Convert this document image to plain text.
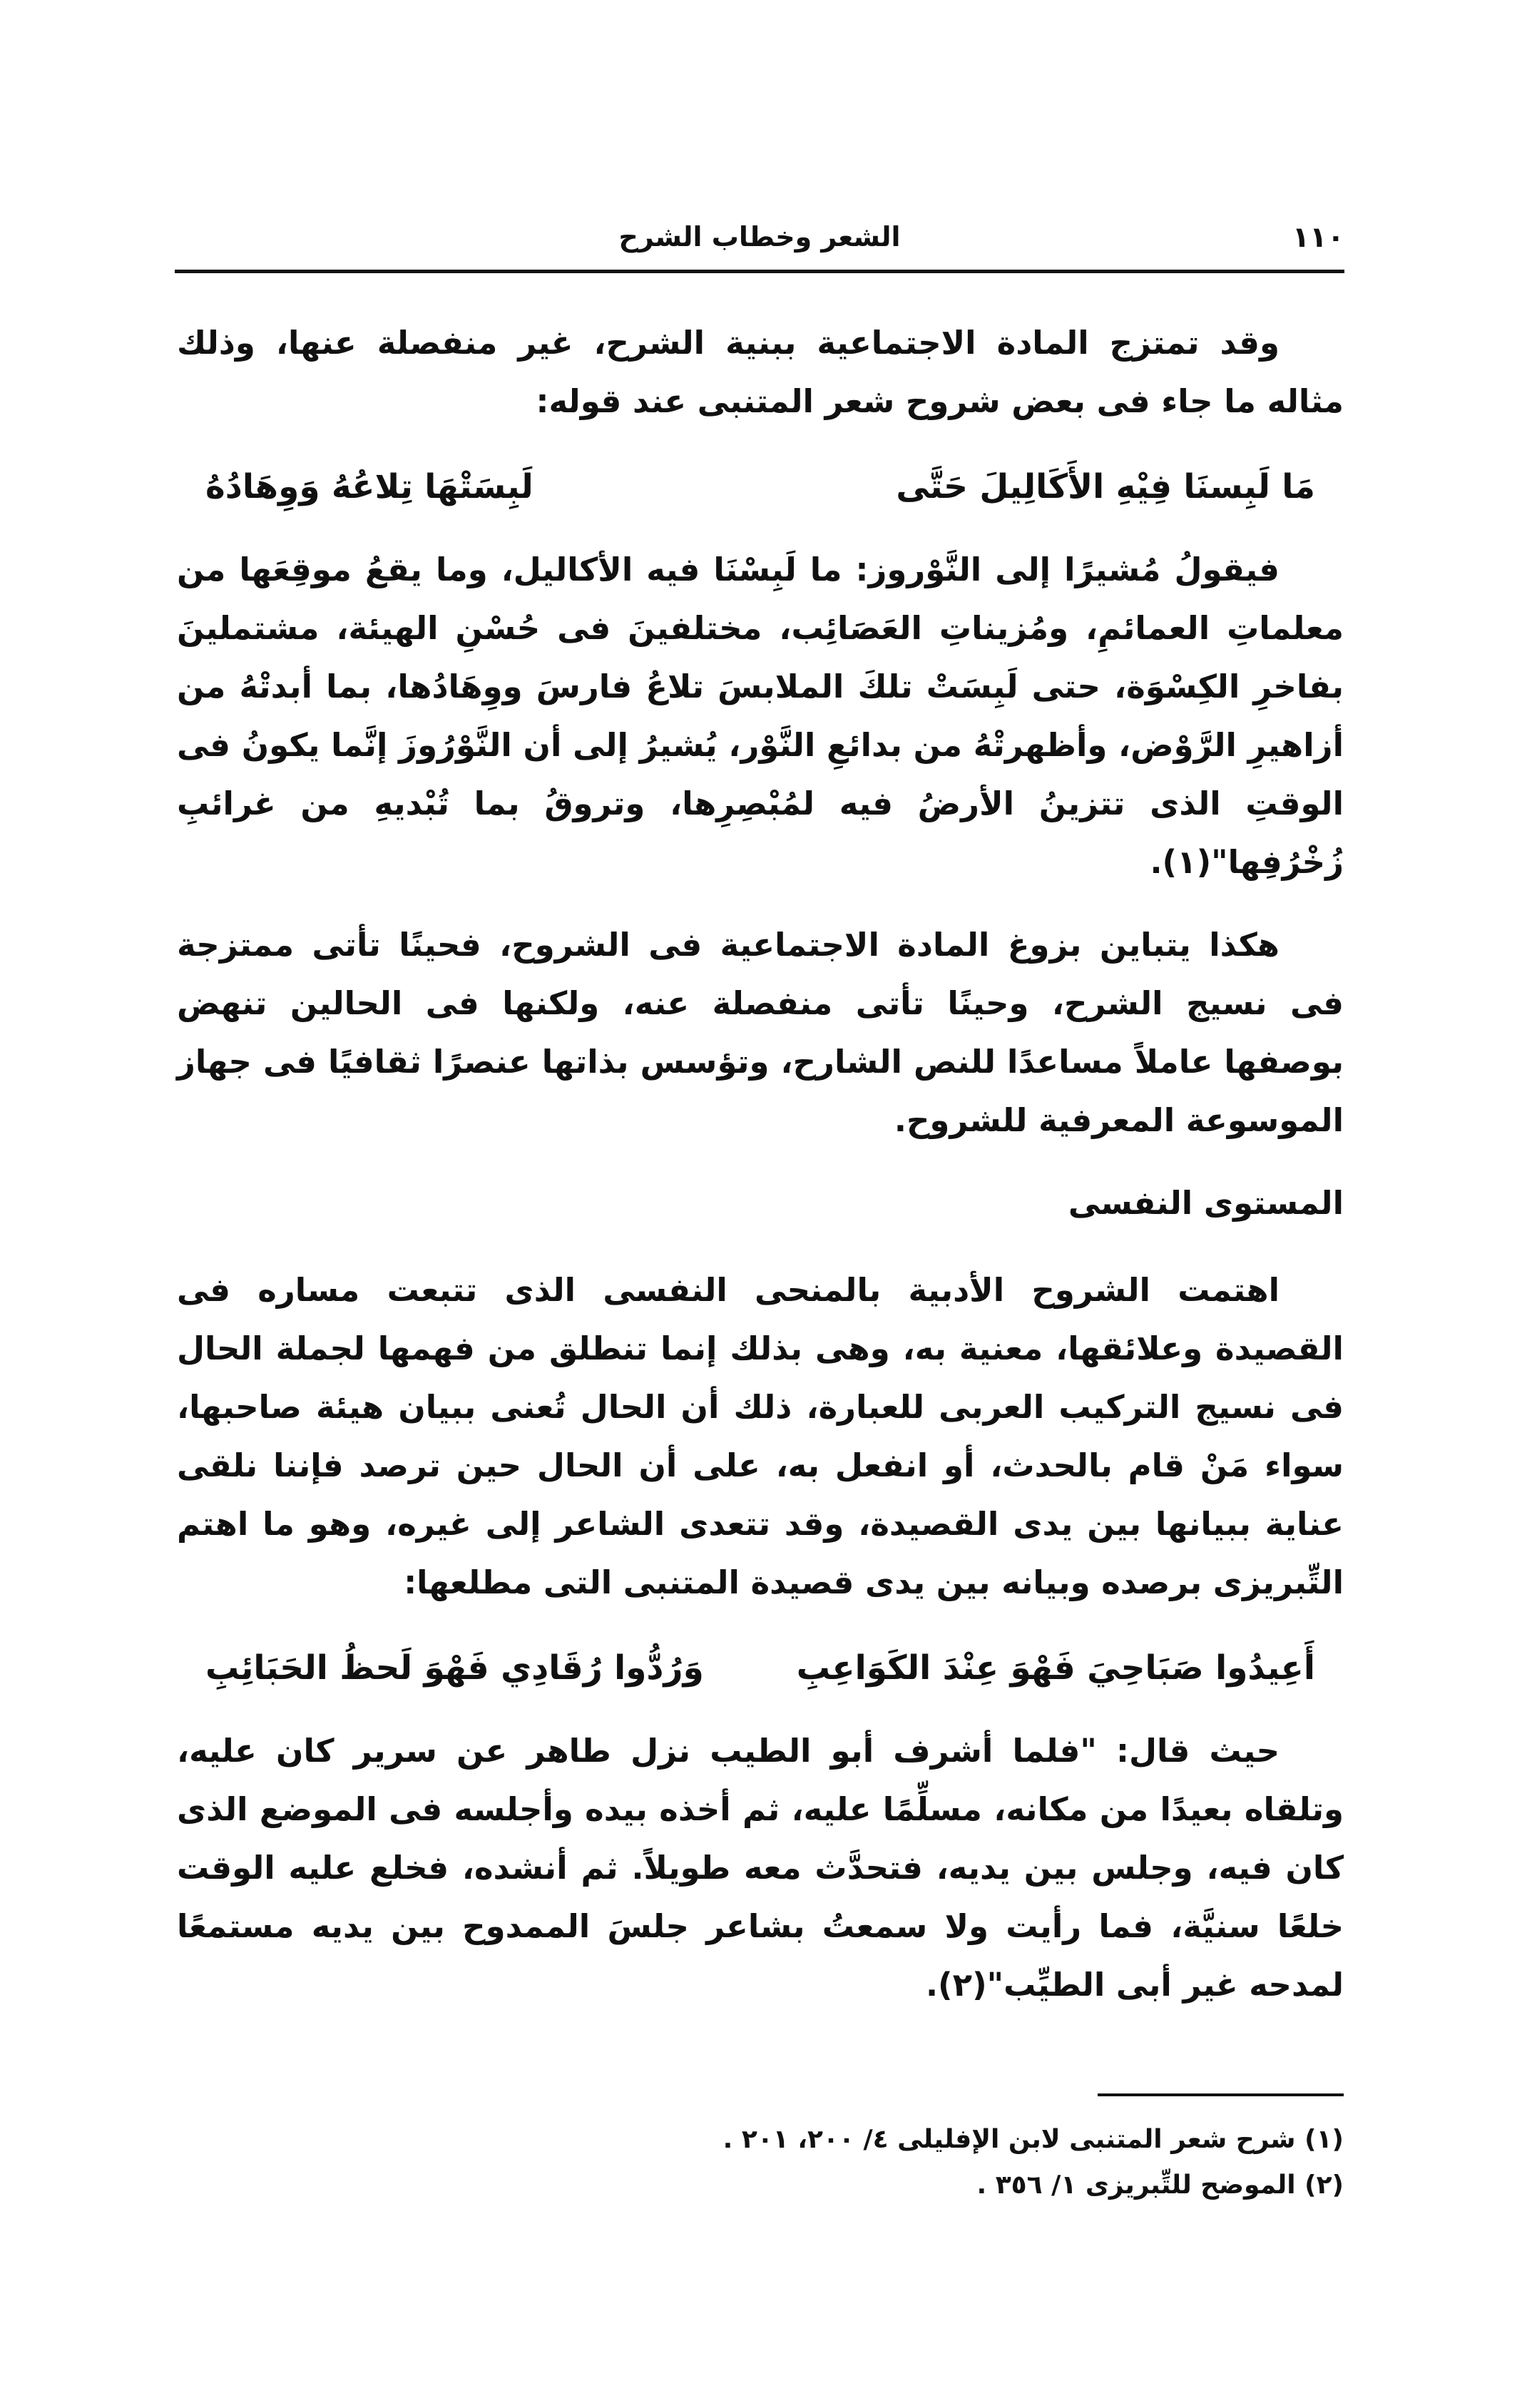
١١٠
الشعر وخطاب الشرح

وقد تمتزج المادة الاجتماعية ببنية الشرح، غير منفصلة عنها، وذلك مثاله ما جاء فى بعض شروح شعر المتنبى عند قوله:

مَا لَبِسنَا فِيْهِ الأَكَالِيلَ حَتَّى
لَبِسَتْهَا تِلاعُهُ وَوِهَادُهُ

فيقولُ مُشيرًا إلى النَّوْروز: ما لَبِسْنَا فيه الأكاليل، وما يقعُ موقِعَها من معلماتِ العمائمِ، ومُزيناتِ العَصَائِب، مختلفينَ فى حُسْنِ الهيئة، مشتملينَ بفاخرِ الكِسْوَة، حتى لَبِسَتْ تلكَ الملابسَ تلاعُ فارسَ ووِهَادُها، بما أبدتْهُ من أزاهيرِ الرَّوْض، وأظهرتْهُ من بدائعِ النَّوْر، يُشيرُ إلى أن النَّوْرُوزَ إنَّما يكونُ فى الوقتِ الذى تتزينُ الأرضُ فيه لمُبْصِرِها، وتروقُ بما تُبْديهِ من غرائبِ زُخْرُفِها"(١).

هكذا يتباين بزوغ المادة الاجتماعية فى الشروح، فحينًا تأتى ممتزجة فى نسيج الشرح، وحينًا تأتى منفصلة عنه، ولكنها فى الحالين تنهض بوصفها عاملاً مساعدًا للنص الشارح، وتؤسس بذاتها عنصرًا ثقافيًا فى جهاز الموسوعة المعرفية للشروح.

المستوى النفسى

اهتمت الشروح الأدبية بالمنحى النفسى الذى تتبعت مساره فى القصيدة وعلائقها، معنية به، وهى بذلك إنما تنطلق من فهمها لجملة الحال فى نسيج التركيب العربى للعبارة، ذلك أن الحال تُعنى ببيان هيئة صاحبها، سواء مَنْ قام بالحدث، أو انفعل به، على أن الحال حين ترصد فإننا نلقى عناية ببيانها بين يدى القصيدة، وقد تتعدى الشاعر إلى غيره، وهو ما اهتم التِّبريزى برصده وبيانه بين يدى قصيدة المتنبى التى مطلعها:

أَعِيدُوا صَبَاحِيَ فَهْوَ عِنْدَ الكَوَاعِبِ
وَرُدُّوا رُقَادِي فَهْوَ لَحظُ الحَبَائِبِ

حيث قال: "فلما أشرف أبو الطيب نزل طاهر عن سرير كان عليه، وتلقاه بعيدًا من مكانه، مسلِّمًا عليه، ثم أخذه بيده وأجلسه فى الموضع الذى كان فيه، وجلس بين يديه، فتحدَّث معه طويلاً. ثم أنشده، فخلع عليه الوقت خلعًا سنيَّة، فما رأيت ولا سمعتُ بشاعر جلسَ الممدوح بين يديه مستمعًا لمدحه غير أبى الطيِّب"(٢).

(١) شرح شعر المتنبى لابن الإفليلى ٤/ ٢٠٠، ٢٠١ .
(٢) الموضح للتِّبريزى ١/ ٣٥٦ .
